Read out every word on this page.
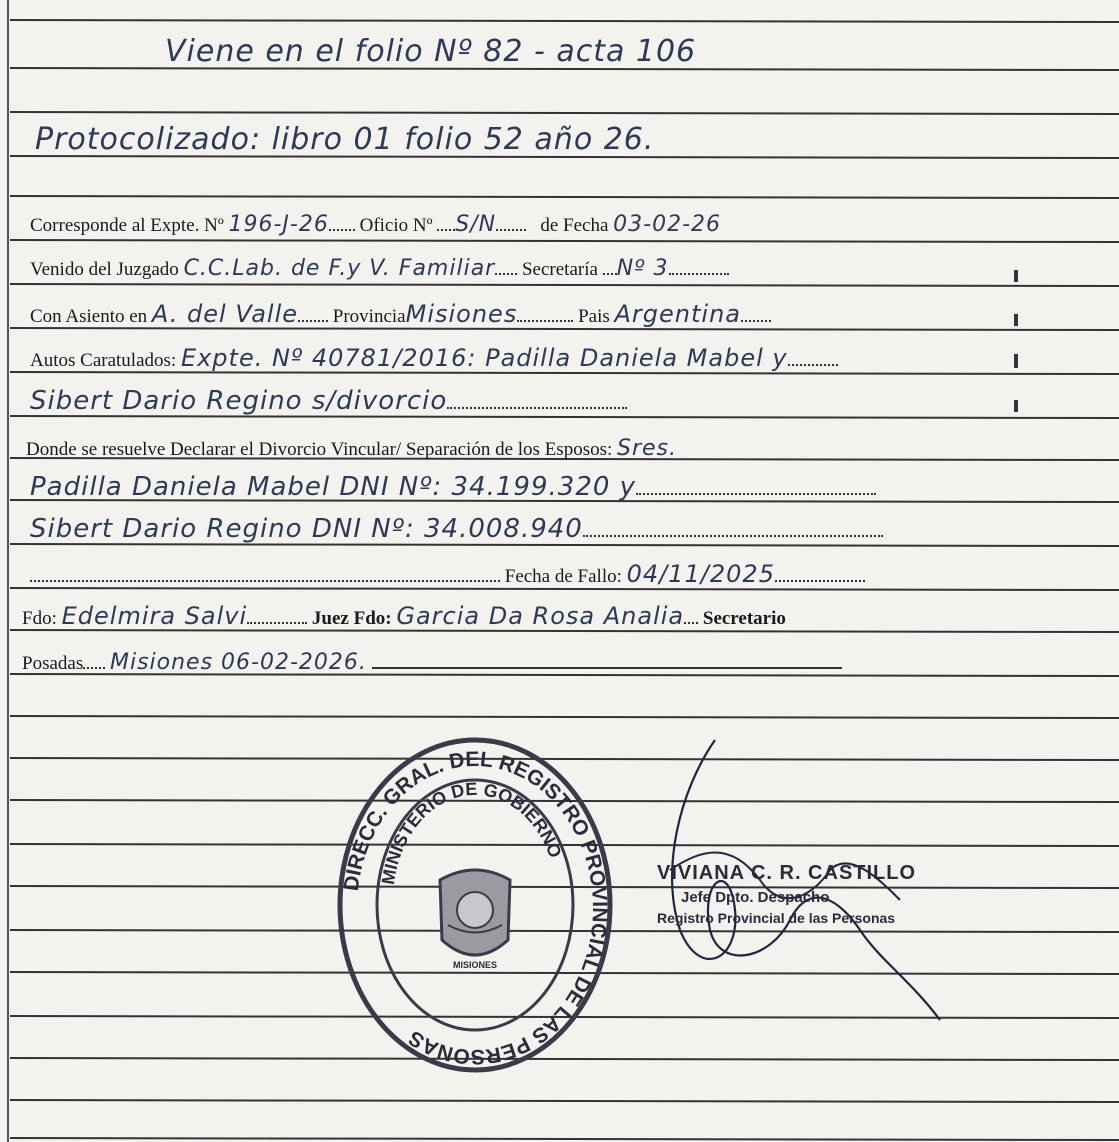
Viene en el folio Nº 82 - acta 106
Protocolizado: libro 01 folio 52 año 26.
Corresponde al Expte. Nº 196-J-26 Oficio Nº S/N de Fecha 03-02-26
Venido del Juzgado C.C.Lab. de F.y V. Familiar Secretaría Nº 3
Con Asiento en A. del Valle ProvinciaMisiones	Pais Argentina
Autos Caratulados: Expte. Nº 40781/2016: Padilla Daniela Mabel y
Sibert Dario Regino s/divorcio
Donde se resuelve Declarar el Divorcio Vincular/ Separación de los Esposos: Sres.
Padilla Daniela Mabel DNI Nº: 34.199.320 y
Sibert Dario Regino DNI Nº: 34.008.940
Fecha de Fallo: 04/11/2025
Fdo: Edelmira Salvi	Juez Fdo: Garcia Da Rosa Analia Secretario
Posadas Misiones 06-02-2026.
DIRECC. GRAL. DEL REGISTRO PROVINCIAL DE LAS PERSONAS
MINISTERIO DE GOBIERNO
MISIONES
VIVIANA C. R. CASTILLO
Jefe Dpto. Despacho
Registro Provincial de las Personas
